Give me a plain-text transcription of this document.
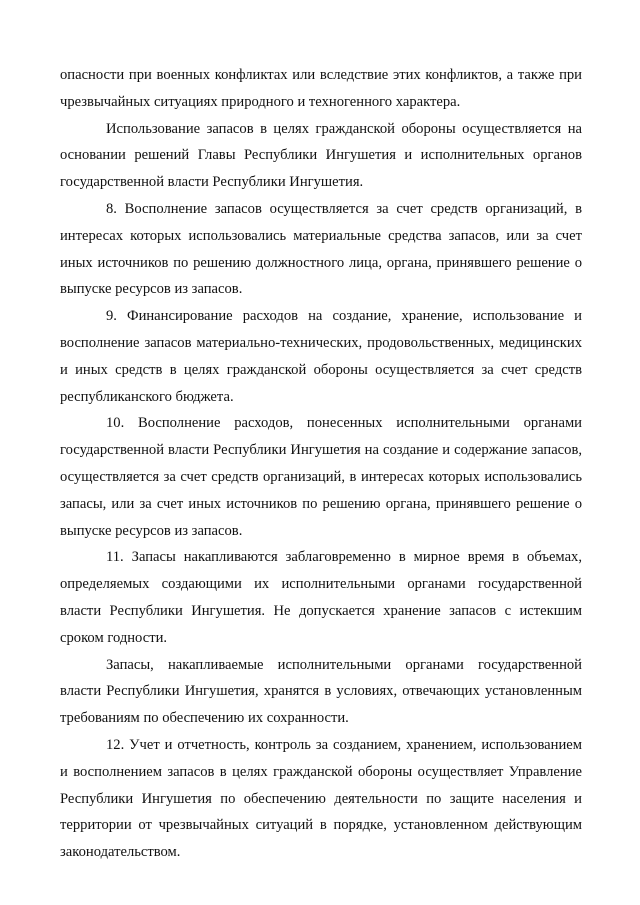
опасности при военных конфликтах или вследствие этих конфликтов, а также при чрезвычайных ситуациях природного и техногенного характера.

Использование запасов в целях гражданской обороны осуществляется на основании решений Главы Республики Ингушетия и исполнительных органов государственной власти Республики Ингушетия.

8. Восполнение запасов осуществляется за счет средств организаций, в интересах которых использовались материальные средства запасов, или за счет иных источников по решению должностного лица, органа, принявшего решение о выпуске ресурсов из запасов.

9. Финансирование расходов на создание, хранение, использование и восполнение запасов материально-технических, продовольственных, медицинских и иных средств в целях гражданской обороны осуществляется за счет средств республиканского бюджета.

10. Восполнение расходов, понесенных исполнительными органами государственной власти Республики Ингушетия на создание и содержание запасов, осуществляется за счет средств организаций, в интересах которых использовались запасы, или за счет иных источников по решению органа, принявшего решение о выпуске ресурсов из запасов.

11. Запасы накапливаются заблаговременно в мирное время в объемах, определяемых создающими их исполнительными органами государственной власти Республики Ингушетия. Не допускается хранение запасов с истекшим сроком годности.

Запасы, накапливаемые исполнительными органами государственной власти Республики Ингушетия, хранятся в условиях, отвечающих установленным требованиям по обеспечению их сохранности.

12. Учет и отчетность, контроль за созданием, хранением, использованием и восполнением запасов в целях гражданской обороны осуществляет Управление Республики Ингушетия по обеспечению деятельности по защите населения и территории от чрезвычайных ситуаций в порядке, установленном действующим законодательством.
